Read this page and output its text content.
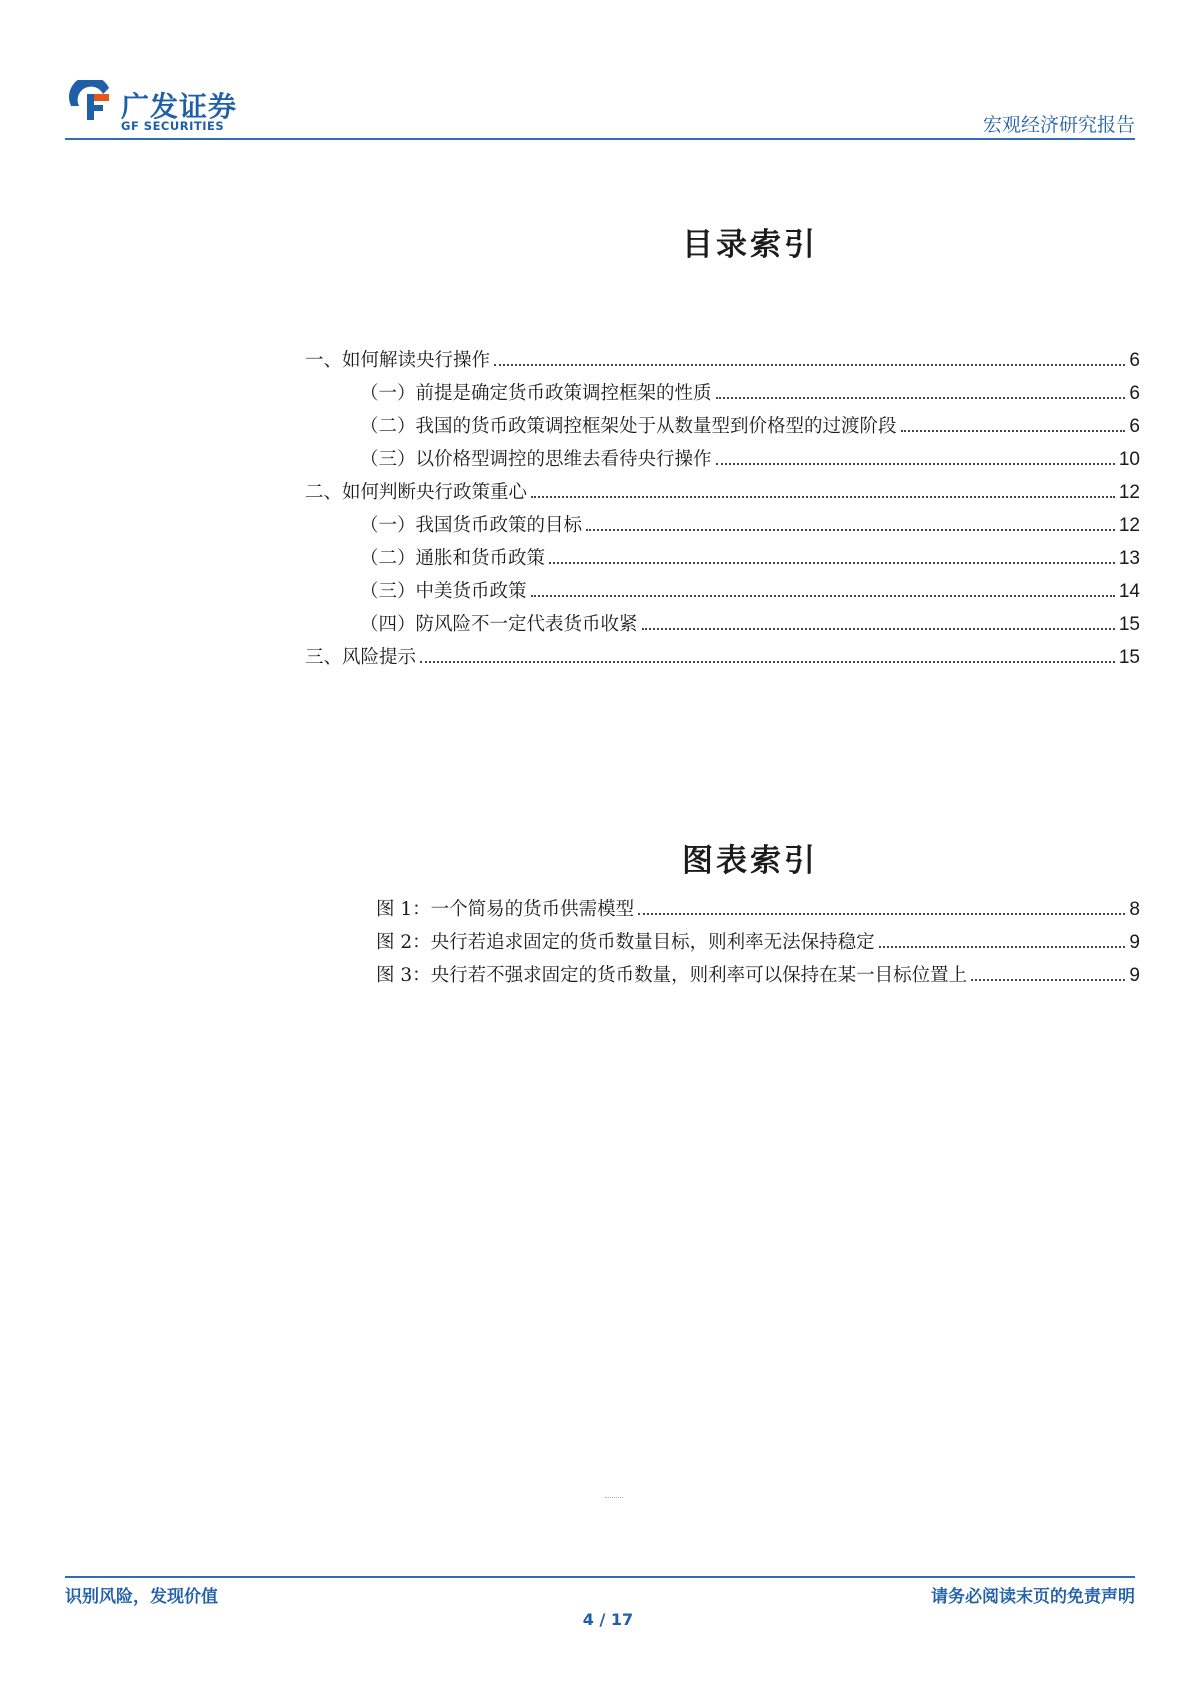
广发证券
GF SECURITIES	宏观经济研究报告
目录索引
一、如何解读央行操作	6
（一）前提是确定货币政策调控框架的性质	6
（二）我国的货币政策调控框架处于从数量型到价格型的过渡阶段	6
（三）以价格型调控的思维去看待央行操作	10
二、如何判断央行政策重心	12
（一）我国货币政策的目标	12
（二）通胀和货币政策	13
（三）中美货币政策	14
（四）防风险不一定代表货币收紧	15
三、风险提示	15
图表索引
图 1：一个简易的货币供需模型	8
图 2：央行若追求固定的货币数量目标，则利率无法保持稳定	9
图 3：央行若不强求固定的货币数量，则利率可以保持在某一目标位置上	9
识别风险，发现价值	请务必阅读末页的免责声明
4 / 17
